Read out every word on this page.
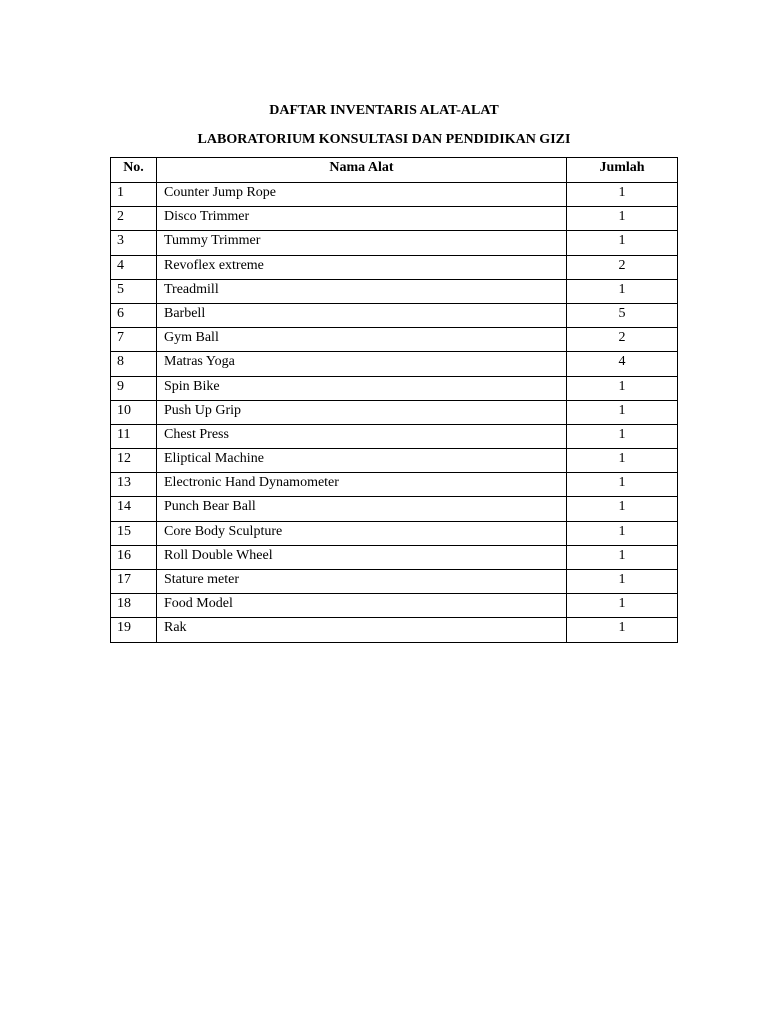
DAFTAR INVENTARIS ALAT-ALAT

LABORATORIUM KONSULTASI DAN PENDIDIKAN GIZI

No.	Nama Alat	Jumlah
1	Counter Jump Rope	1
2	Disco Trimmer	1
3	Tummy Trimmer	1
4	Revoflex extreme	2
5	Treadmill	1
6	Barbell	5
7	Gym Ball	2
8	Matras Yoga	4
9	Spin Bike	1
10	Push Up Grip	1
11	Chest Press	1
12	Eliptical Machine	1
13	Electronic Hand Dynamometer	1
14	Punch Bear Ball	1
15	Core Body Sculpture	1
16	Roll Double Wheel	1
17	Stature meter	1
18	Food Model	1
19	Rak	1
